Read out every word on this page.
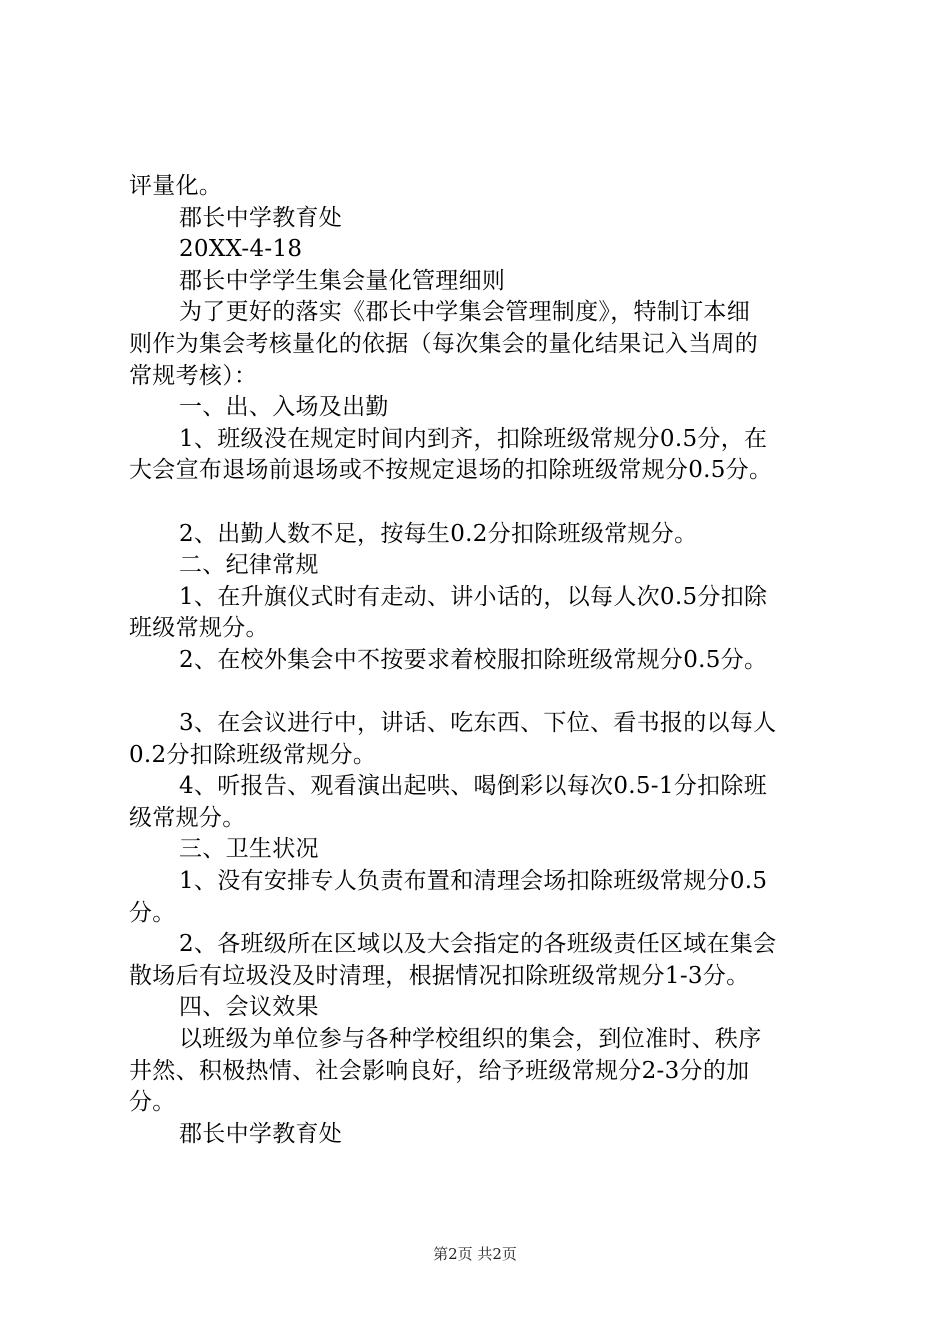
评量化。
郡长中学教育处
20XX-4-18
郡长中学学生集会量化管理细则
为了更好的落实《郡长中学集会管理制度》，特制订本细
则作为集会考核量化的依据（每次集会的量化结果记入当周的
常规考核）：
一、出、入场及出勤
1、班级没在规定时间内到齐，扣除班级常规分0.5分，在
大会宣布退场前退场或不按规定退场的扣除班级常规分0.5分。
2、出勤人数不足，按每生0.2分扣除班级常规分。
二、纪律常规
1、在升旗仪式时有走动、讲小话的，以每人次0.5分扣除
班级常规分。
2、在校外集会中不按要求着校服扣除班级常规分0.5分。
3、在会议进行中，讲话、吃东西、下位、看书报的以每人
0.2分扣除班级常规分。
4、听报告、观看演出起哄、喝倒彩以每次0.5-1分扣除班
级常规分。
三、卫生状况
1、没有安排专人负责布置和清理会场扣除班级常规分0.5
分。
2、各班级所在区域以及大会指定的各班级责任区域在集会
散场后有垃圾没及时清理，根据情况扣除班级常规分1-3分。
四、会议效果
以班级为单位参与各种学校组织的集会，到位准时、秩序
井然、积极热情、社会影响良好，给予班级常规分2-3分的加
分。
郡长中学教育处
第2页 共2页
